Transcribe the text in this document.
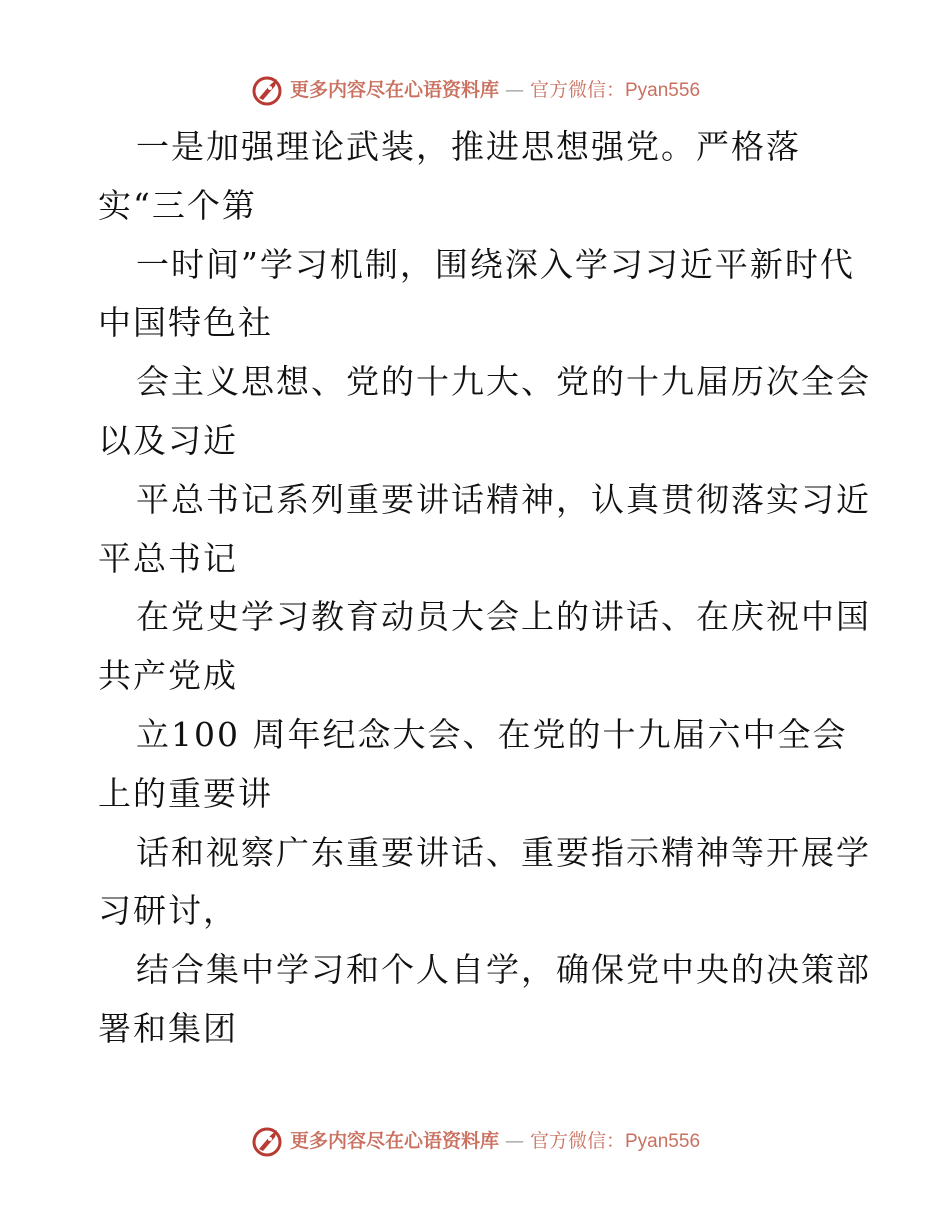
更多内容尽在心语资料库 — 官方微信：Pyan556
一是加强理论武装，推进思想强党。严格落
实“三个第
一时间”学习机制，围绕深入学习习近平新时代
中国特色社
会主义思想、党的十九大、党的十九届历次全会
以及习近
平总书记系列重要讲话精神，认真贯彻落实习近
平总书记
在党史学习教育动员大会上的讲话、在庆祝中国
共产党成
立100 周年纪念大会、在党的十九届六中全会
上的重要讲
话和视察广东重要讲话、重要指示精神等开展学
习研讨，
结合集中学习和个人自学，确保党中央的决策部
署和集团
更多内容尽在心语资料库 — 官方微信：Pyan556
